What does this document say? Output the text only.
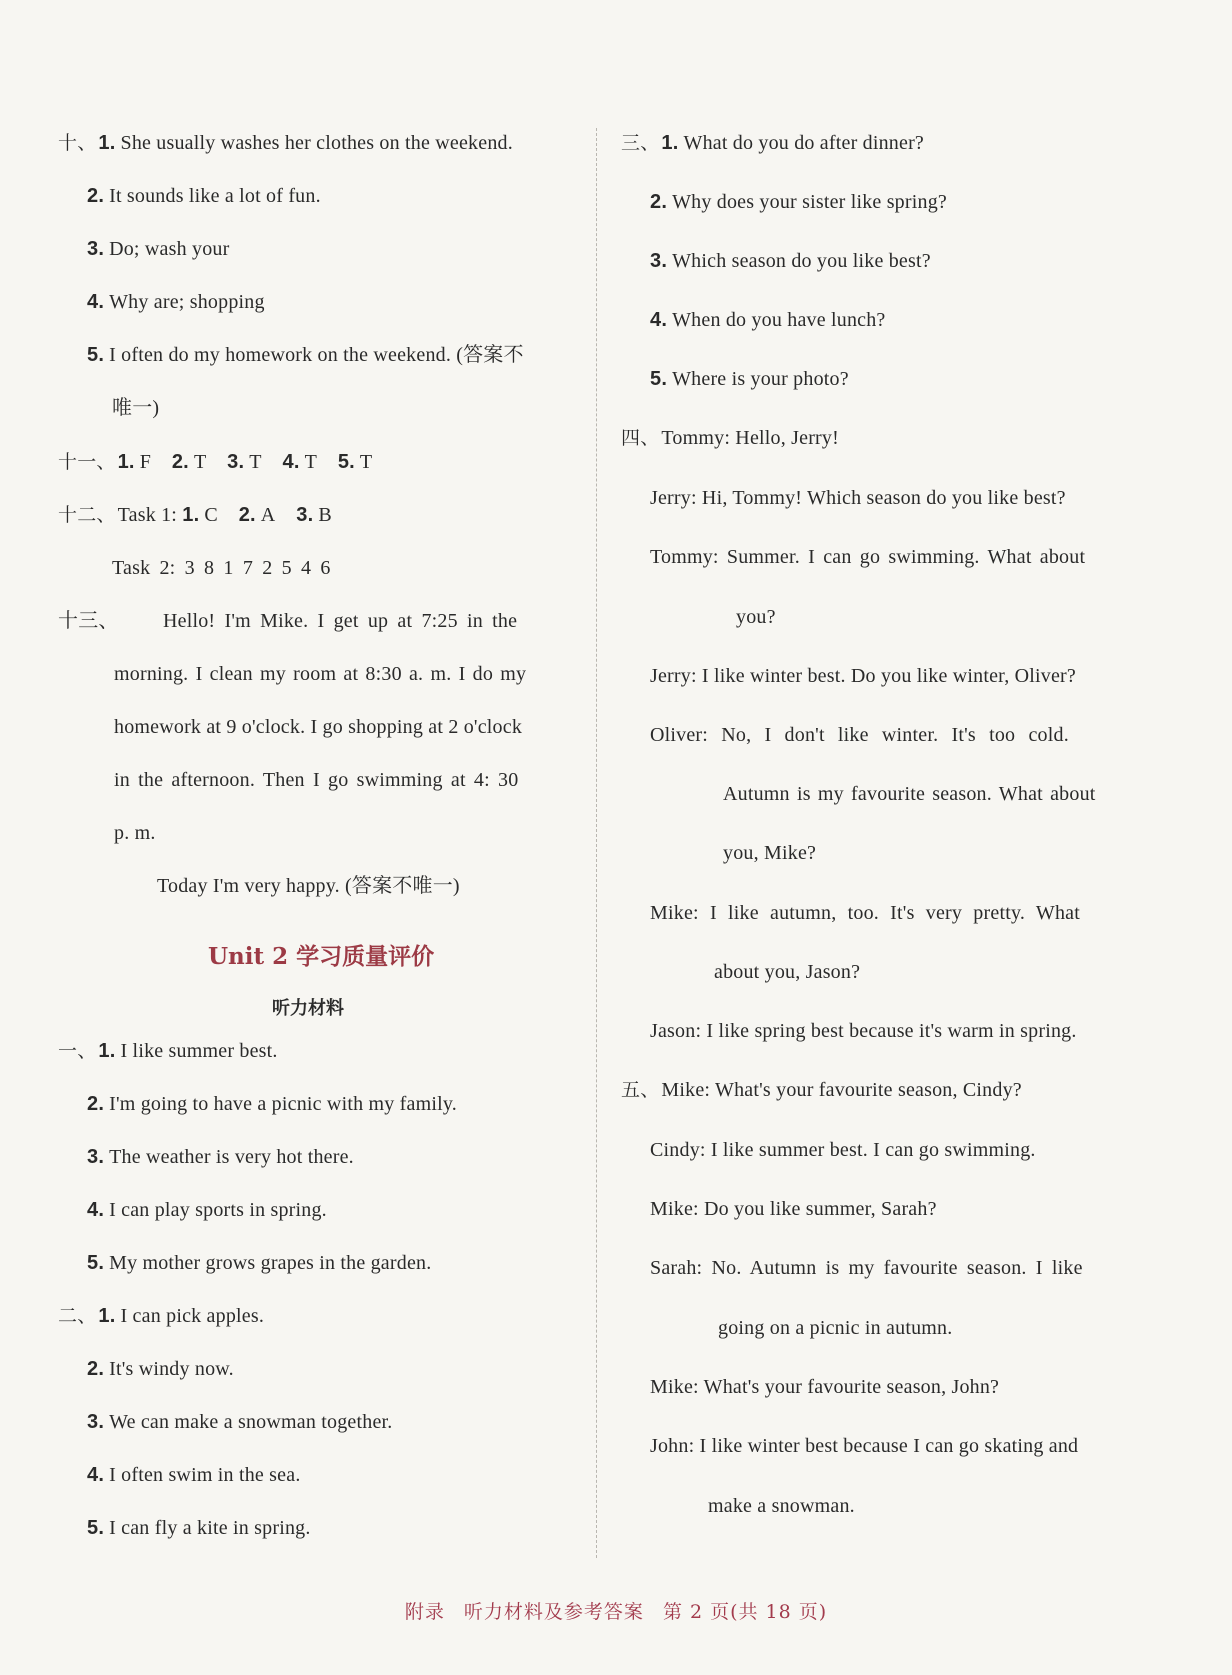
十、 1. She usually washes her clothes on the weekend.
2. It sounds like a lot of fun.
3. Do; wash your
4. Why are; shopping
5. I often do my homework on the weekend. (答案不
唯一)
十一、 1. F 2. T 3. T 4. T 5. T
十二、 Task 1: 1. C 2. A 3. B
Task 2: 3 8 1 7 2 5 4 6
十三、 Hello! I'm Mike. I get up at 7:25 in the
morning. I clean my room at 8:30 a. m. I do my
homework at 9 o'clock. I go shopping at 2 o'clock
in the afternoon. Then I go swimming at 4: 30
p. m.
Today I'm very happy. (答案不唯一)
Unit 2 学习质量评价
听力材料
一、 1. I like summer best.
2. I'm going to have a picnic with my family.
3. The weather is very hot there.
4. I can play sports in spring.
5. My mother grows grapes in the garden.
二、 1. I can pick apples.
2. It's windy now.
3. We can make a snowman together.
4. I often swim in the sea.
5. I can fly a kite in spring.
三、 1. What do you do after dinner?
2. Why does your sister like spring?
3. Which season do you like best?
4. When do you have lunch?
5. Where is your photo?
四、 Tommy: Hello, Jerry!
Jerry: Hi, Tommy! Which season do you like best?
Tommy: Summer. I can go swimming. What about
you?
Jerry: I like winter best. Do you like winter, Oliver?
Oliver: No, I don't like winter. It's too cold.
Autumn is my favourite season. What about
you, Mike?
Mike: I like autumn, too. It's very pretty. What
about you, Jason?
Jason: I like spring best because it's warm in spring.
五、 Mike: What's your favourite season, Cindy?
Cindy: I like summer best. I can go swimming.
Mike: Do you like summer, Sarah?
Sarah: No. Autumn is my favourite season. I like
going on a picnic in autumn.
Mike: What's your favourite season, John?
John: I like winter best because I can go skating and
make a snowman.
附录 听力材料及参考答案 第 2 页(共 18 页)
